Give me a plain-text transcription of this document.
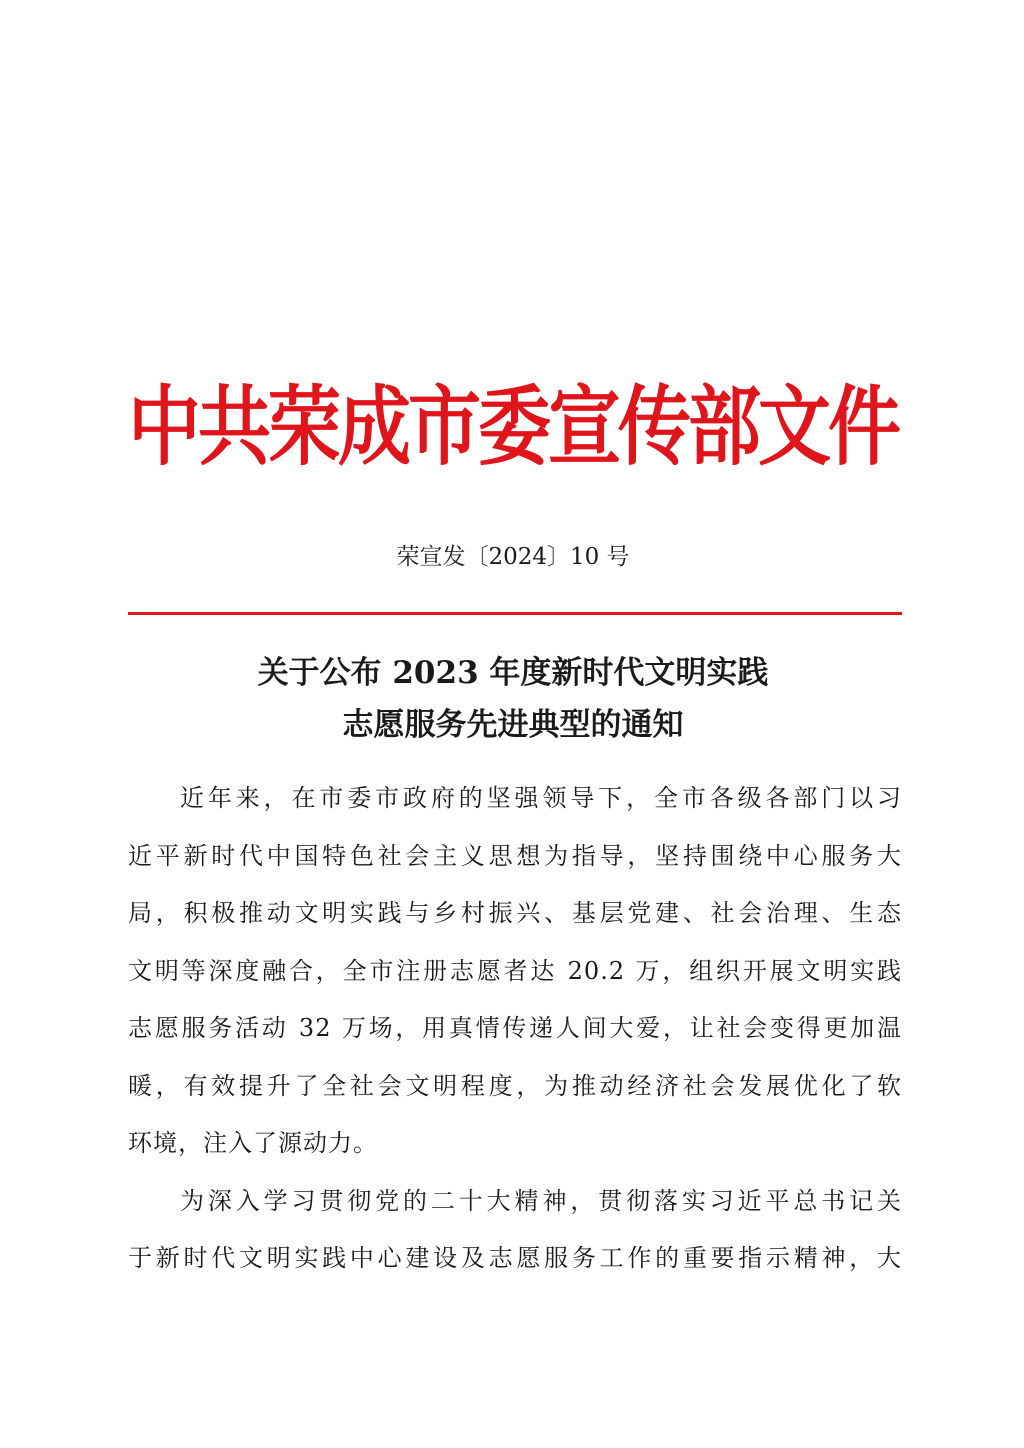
中共荣成市委宣传部文件
荣宣发〔2024〕10 号
关于公布 2023 年度新时代文明实践
志愿服务先进典型的通知
近年来，在市委市政府的坚强领导下，全市各级各部门以习
近平新时代中国特色社会主义思想为指导，坚持围绕中心服务大
局，积极推动文明实践与乡村振兴、基层党建、社会治理、生态
文明等深度融合，全市注册志愿者达 20.2 万，组织开展文明实践
志愿服务活动 32 万场，用真情传递人间大爱，让社会变得更加温
暖，有效提升了全社会文明程度，为推动经济社会发展优化了软
环境，注入了源动力。
为深入学习贯彻党的二十大精神，贯彻落实习近平总书记关
于新时代文明实践中心建设及志愿服务工作的重要指示精神，大
